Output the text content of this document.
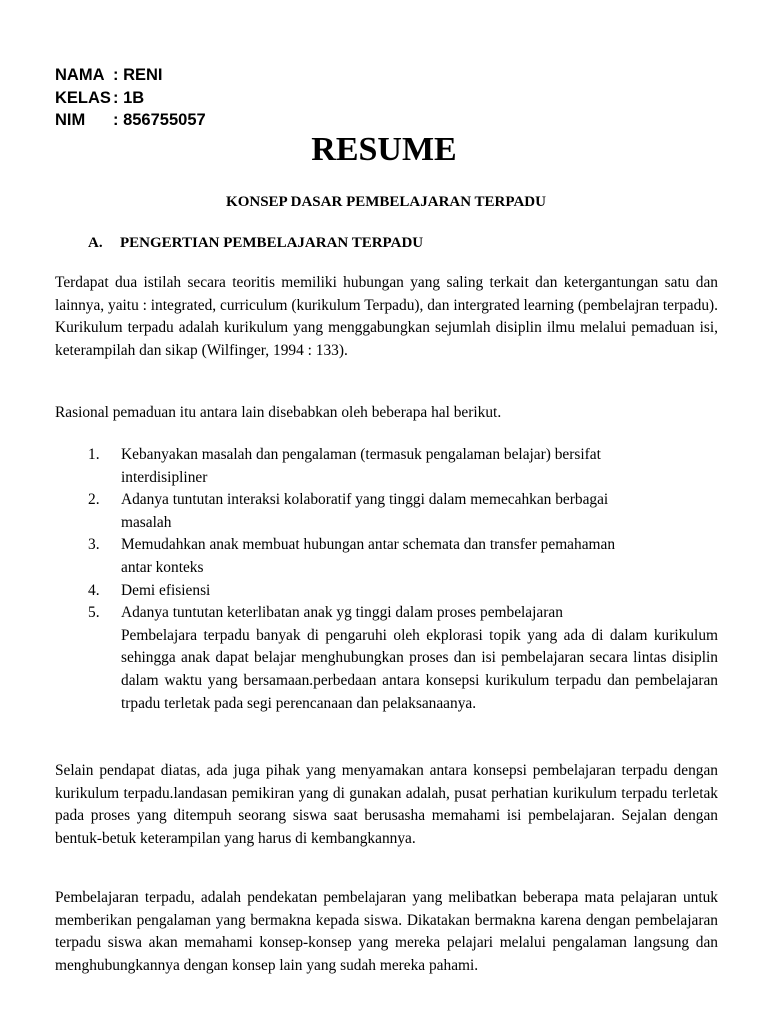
NAMA : RENI
KELAS : 1B
NIM : 856755057
RESUME
KONSEP DASAR PEMBELAJARAN TERPADU
A. PENGERTIAN PEMBELAJARAN TERPADU
Terdapat dua istilah secara teoritis memiliki hubungan yang saling terkait dan ketergantungan satu dan lainnya, yaitu : integrated, curriculum (kurikulum Terpadu), dan intergrated learning (pembelajran terpadu). Kurikulum terpadu adalah kurikulum yang menggabungkan sejumlah disiplin ilmu melalui pemaduan isi, keterampilah dan sikap (Wilfinger, 1994 : 133).
Rasional pemaduan itu antara lain disebabkan oleh beberapa hal berikut.
1. Kebanyakan masalah dan pengalaman (termasuk pengalaman belajar) bersifat
interdisipliner
2. Adanya tuntutan interaksi kolaboratif yang tinggi dalam memecahkan berbagai
masalah
3. Memudahkan anak membuat hubungan antar schemata dan transfer pemahaman
antar konteks
4. Demi efisiensi
5. Adanya tuntutan keterlibatan anak yg tinggi dalam proses pembelajaran
Pembelajara terpadu banyak di pengaruhi oleh ekplorasi topik yang ada di dalam kurikulum sehingga anak dapat belajar menghubungkan proses dan isi pembelajaran secara lintas disiplin dalam waktu yang bersamaan.perbedaan antara konsepsi kurikulum terpadu dan pembelajaran trpadu terletak pada segi perencanaan dan pelaksanaanya.
Selain pendapat diatas, ada juga pihak yang menyamakan antara konsepsi pembelajaran terpadu dengan kurikulum terpadu.landasan pemikiran yang di gunakan adalah, pusat perhatian kurikulum terpadu terletak pada proses yang ditempuh seorang siswa saat berusasha memahami isi pembelajaran. Sejalan dengan bentuk-betuk keterampilan yang harus di kembangkannya.
Pembelajaran terpadu, adalah pendekatan pembelajaran yang melibatkan beberapa mata pelajaran untuk memberikan pengalaman yang bermakna kepada siswa. Dikatakan bermakna karena dengan pembelajaran terpadu siswa akan memahami konsep-konsep yang mereka pelajari melalui pengalaman langsung dan menghubungkannya dengan konsep lain yang sudah mereka pahami.
